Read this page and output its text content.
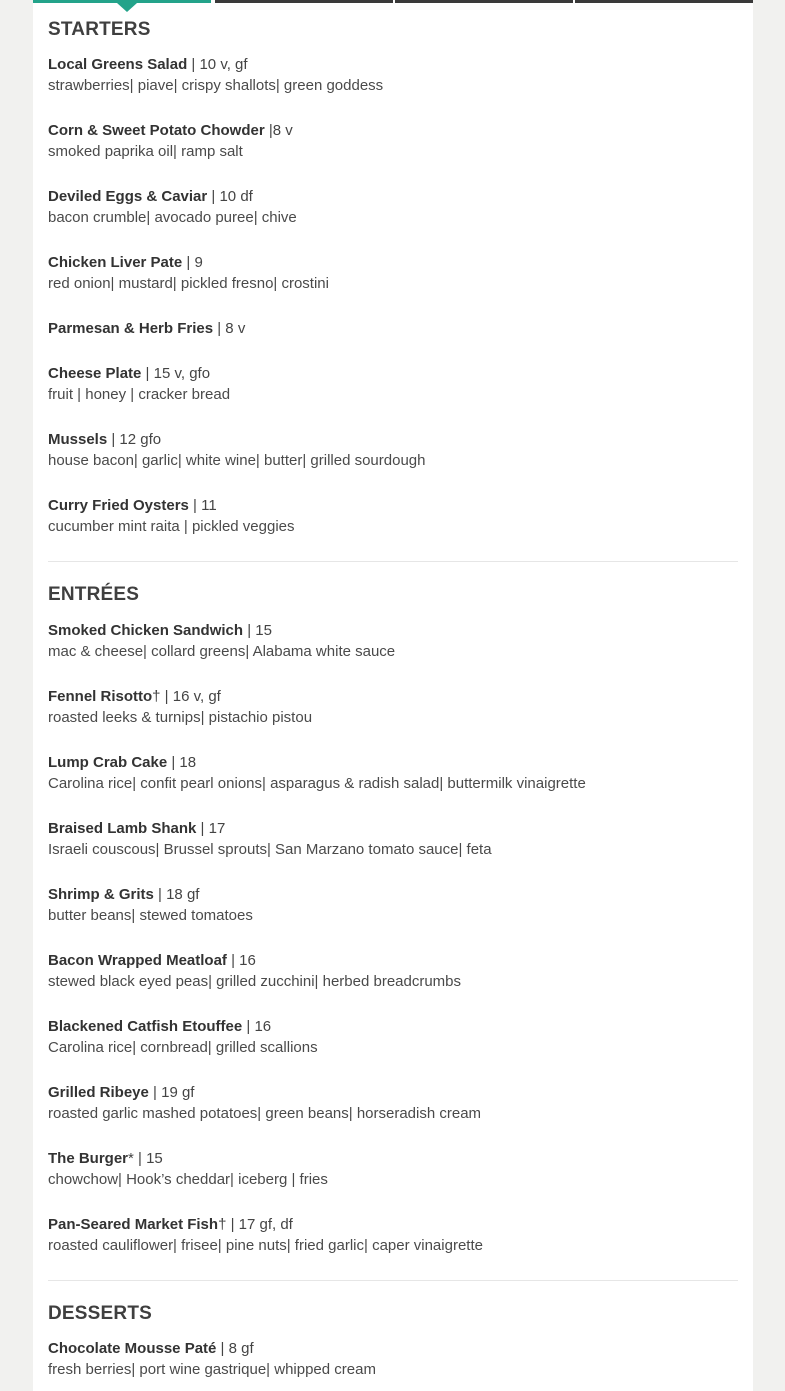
STARTERS
Local Greens Salad | 10 v, gf
strawberries| piave| crispy shallots| green goddess
Corn & Sweet Potato Chowder |8 v
smoked paprika oil| ramp salt
Deviled Eggs & Caviar | 10 df
bacon crumble| avocado puree| chive
Chicken Liver Pate | 9
red onion| mustard| pickled fresno| crostini
Parmesan & Herb Fries | 8 v
Cheese Plate | 15 v, gfo
fruit | honey | cracker bread
Mussels | 12 gfo
house bacon| garlic| white wine| butter| grilled sourdough
Curry Fried Oysters | 11
cucumber mint raita | pickled veggies
ENTRÉES
Smoked Chicken Sandwich | 15
mac & cheese| collard greens| Alabama white sauce
Fennel Risotto† | 16 v, gf
roasted leeks & turnips| pistachio pistou
Lump Crab Cake | 18
Carolina rice| confit pearl onions| asparagus & radish salad| buttermilk vinaigrette
Braised Lamb Shank | 17
Israeli couscous| Brussel sprouts| San Marzano tomato sauce| feta
Shrimp & Grits | 18 gf
butter beans| stewed tomatoes
Bacon Wrapped Meatloaf | 16
stewed black eyed peas| grilled zucchini| herbed breadcrumbs
Blackened Catfish Etouffee | 16
Carolina rice| cornbread| grilled scallions
Grilled Ribeye | 19 gf
roasted garlic mashed potatoes| green beans| horseradish cream
The Burger* | 15
chowchow| Hook’s cheddar| iceberg | fries
Pan-Seared Market Fish† | 17 gf, df
roasted cauliflower| frisee| pine nuts| fried garlic| caper vinaigrette
DESSERTS
Chocolate Mousse Paté | 8 gf
fresh berries| port wine gastrique| whipped cream
